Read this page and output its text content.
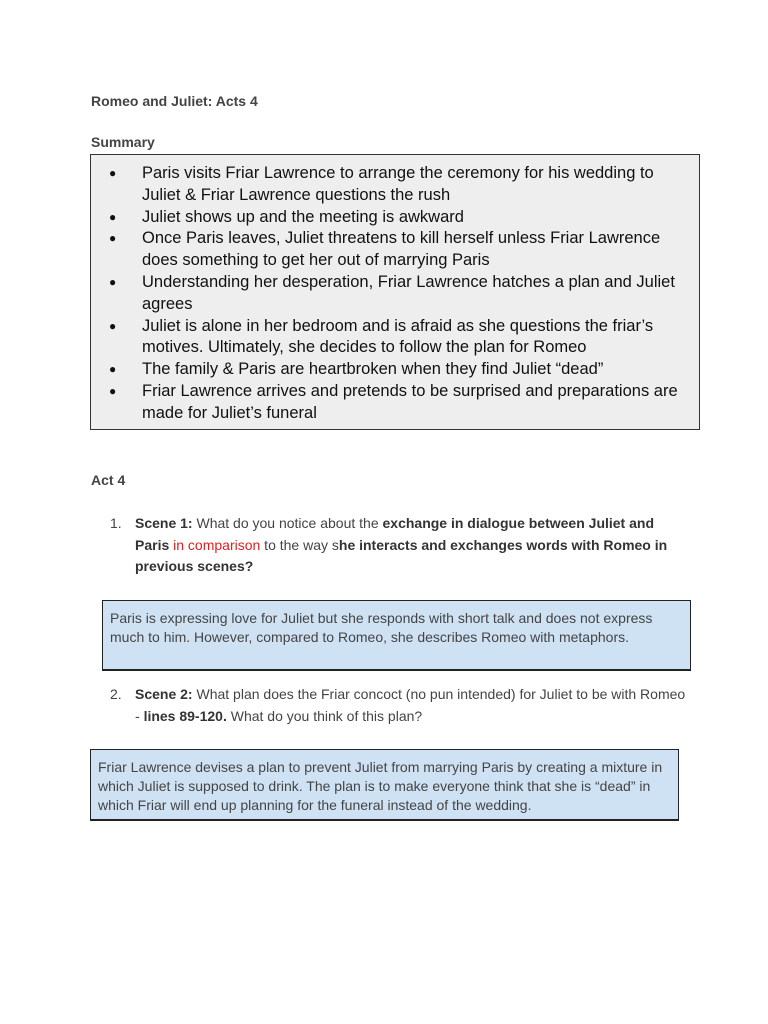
Romeo and Juliet: Acts 4
Summary
● Paris visits Friar Lawrence to arrange the ceremony for his wedding to Juliet & Friar Lawrence questions the rush
● Juliet shows up and the meeting is awkward
● Once Paris leaves, Juliet threatens to kill herself unless Friar Lawrence does something to get her out of marrying Paris
● Understanding her desperation, Friar Lawrence hatches a plan and Juliet agrees
● Juliet is alone in her bedroom and is afraid as she questions the friar’s motives. Ultimately, she decides to follow the plan for Romeo
● The family & Paris are heartbroken when they find Juliet “dead”
● Friar Lawrence arrives and pretends to be surprised and preparations are made for Juliet’s funeral
Act 4
1. Scene 1: What do you notice about the exchange in dialogue between Juliet and Paris in comparison to the way she interacts and exchanges words with Romeo in previous scenes?
Paris is expressing love for Juliet but she responds with short talk and does not express much to him. However, compared to Romeo, she describes Romeo with metaphors.
2. Scene 2: What plan does the Friar concoct (no pun intended) for Juliet to be with Romeo - lines 89-120. What do you think of this plan?
Friar Lawrence devises a plan to prevent Juliet from marrying Paris by creating a mixture in which Juliet is supposed to drink. The plan is to make everyone think that she is “dead” in which Friar will end up planning for the funeral instead of the wedding.
